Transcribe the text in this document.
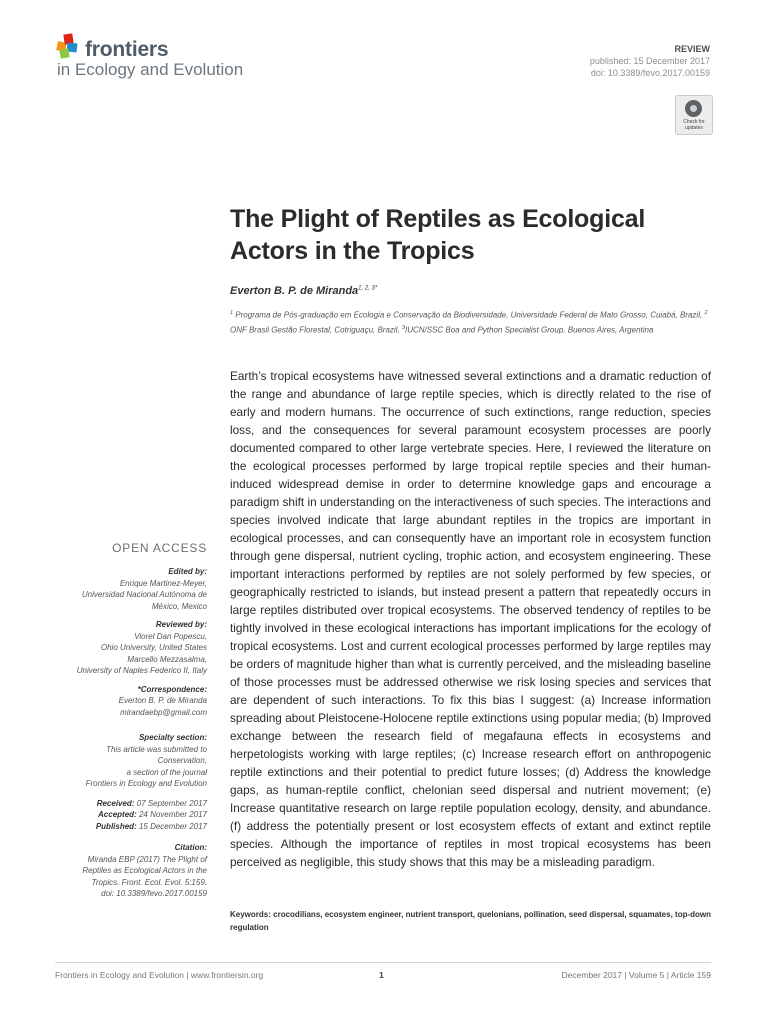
frontiers
in Ecology and Evolution
REVIEW
published: 15 December 2017
doi: 10.3389/fevo.2017.00159
Check for updates
The Plight of Reptiles as Ecological Actors in the Tropics
Everton B. P. de Miranda$^{1, 2, 3*}$
$^1$ Programa de Pós-graduação em Ecologia e Conservação da Biodiversidade, Universidade Federal de Mato Grosso, Cuiabá, Brazil, $^2$ ONF Brasil Gestão Florestal, Cotriguaçu, Brazil, $^3$IUCN/SSC Boa and Python Specialist Group, Buenos Aires, Argentina
Earth’s tropical ecosystems have witnessed several extinctions and a dramatic reduction of the range and abundance of large reptile species, which is directly related to the rise of early and modern humans. The occurrence of such extinctions, range reduction, species loss, and the consequences for several paramount ecosystem processes are poorly documented compared to other large vertebrate species. Here, I reviewed the literature on the ecological processes performed by large tropical reptile species and their human-induced widespread demise in order to determine knowledge gaps and encourage a paradigm shift in understanding on the interactiveness of such species. The interactions and species involved indicate that large abundant reptiles in the tropics are important in ecological processes, and can consequently have an important role in ecosystem function through gene dispersal, nutrient cycling, trophic action, and ecosystem engineering. These important interactions performed by reptiles are not solely performed by few species, or geographically restricted to islands, but instead present a pattern that repeatedly occurs in large reptiles distributed over tropical ecosystems. The observed tendency of reptiles to be tightly involved in these ecological interactions has important implications for the ecology of tropical ecosystems. Lost and current ecological processes performed by large reptiles may be orders of magnitude higher than what is currently perceived, and the misleading baseline of those processes must be addressed otherwise we risk losing species and services that are dependent of such interactions. To fix this bias I suggest: (a) Increase information spreading about Pleistocene-Holocene reptile extinctions using popular media; (b) Improved exchange between the research field of megafauna effects in ecosystems and herpetologists working with large reptiles; (c) Increase research effort on anthropogenic reptile extinctions and their potential to predict future losses; (d) Address the knowledge gaps, as human-reptile conflict, chelonian seed dispersal and nutrient movement; (e) Increase quantitative research on large reptile population ecology, density, and abundance. (f) address the potentially present or lost ecosystem effects of extant and extinct reptile species. Although the importance of reptiles in most tropical ecosystems has been perceived as negligible, this study shows that this may be a misleading paradigm.
Keywords: crocodilians, ecosystem engineer, nutrient transport, quelonians, pollination, seed dispersal, squamates, top-down regulation
OPEN ACCESS
Edited by:
Enrique Martinez-Meyer,
Universidad Nacional Autónoma de
México, Mexico
Reviewed by:
Viorel Dan Popescu,
Ohio University, United States
Marcello Mezzasalma,
University of Naples Federico II, Italy
*Correspondence:
Everton B. P. de Miranda
mirandaebp@gmail.com
Specialty section:
This article was submitted to
Conservation,
a section of the journal
Frontiers in Ecology and Evolution
Received: 07 September 2017
Accepted: 24 November 2017
Published: 15 December 2017
Citation:
Miranda EBP (2017) The Plight of
Reptiles as Ecological Actors in the
Tropics. Front. Ecol. Evol. 5:159.
doi: 10.3389/fevo.2017.00159
Frontiers in Ecology and Evolution | www.frontiersin.org	1	December 2017 | Volume 5 | Article 159
